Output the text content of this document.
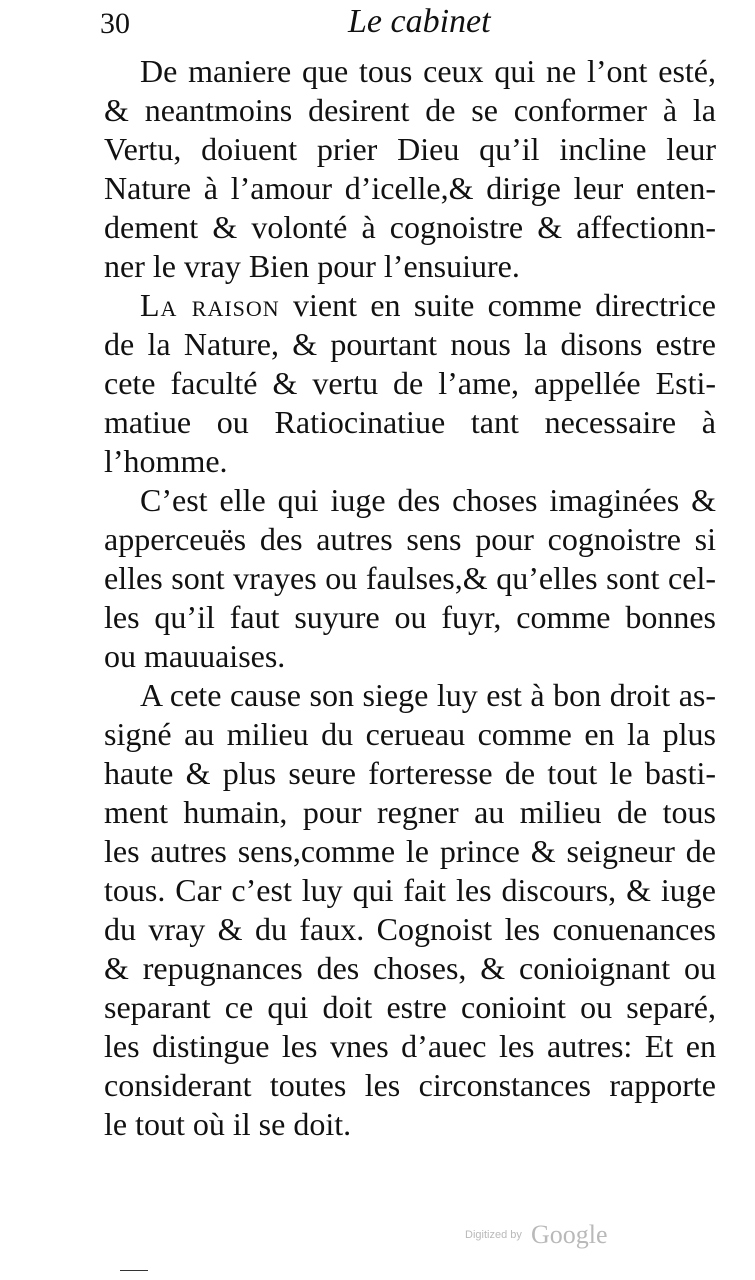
30	Le cabinet
De maniere que tous ceux qui ne l’ont esté,
& neantmoins desirent de se conformer à la
Vertu, doiuent prier Dieu qu’il incline leur
Nature à l’amour d’icelle,& dirige leur enten-
dement & volonté à cognoistre & affectionn-
ner le vray Bien pour l’ensuiure.
La raison vient en suite comme directrice
de la Nature, & pourtant nous la disons estre
cete faculté & vertu de l’ame, appellée Esti-
matiue ou Ratiocinatiue tant necessaire à
l’homme.
C’est elle qui iuge des choses imaginées &
apperceuës des autres sens pour cognoistre si
elles sont vrayes ou faulses,& qu’elles sont cel-
les qu’il faut suyure ou fuyr, comme bonnes
ou mauuaises.
A cete cause son siege luy est à bon droit as-
signé au milieu du cerueau comme en la plus
haute & plus seure forteresse de tout le basti-
ment humain, pour regner au milieu de tous
les autres sens,comme le prince & seigneur de
tous. Car c’est luy qui fait les discours, & iuge
du vray & du faux. Cognoist les conuenances
& repugnances des choses, & conioignant ou
separant ce qui doit estre conioint ou separé,
les distingue les vnes d’auec les autres: Et en
considerant toutes les circonstances rapporte
le tout où il se doit.
Digitized by Google
